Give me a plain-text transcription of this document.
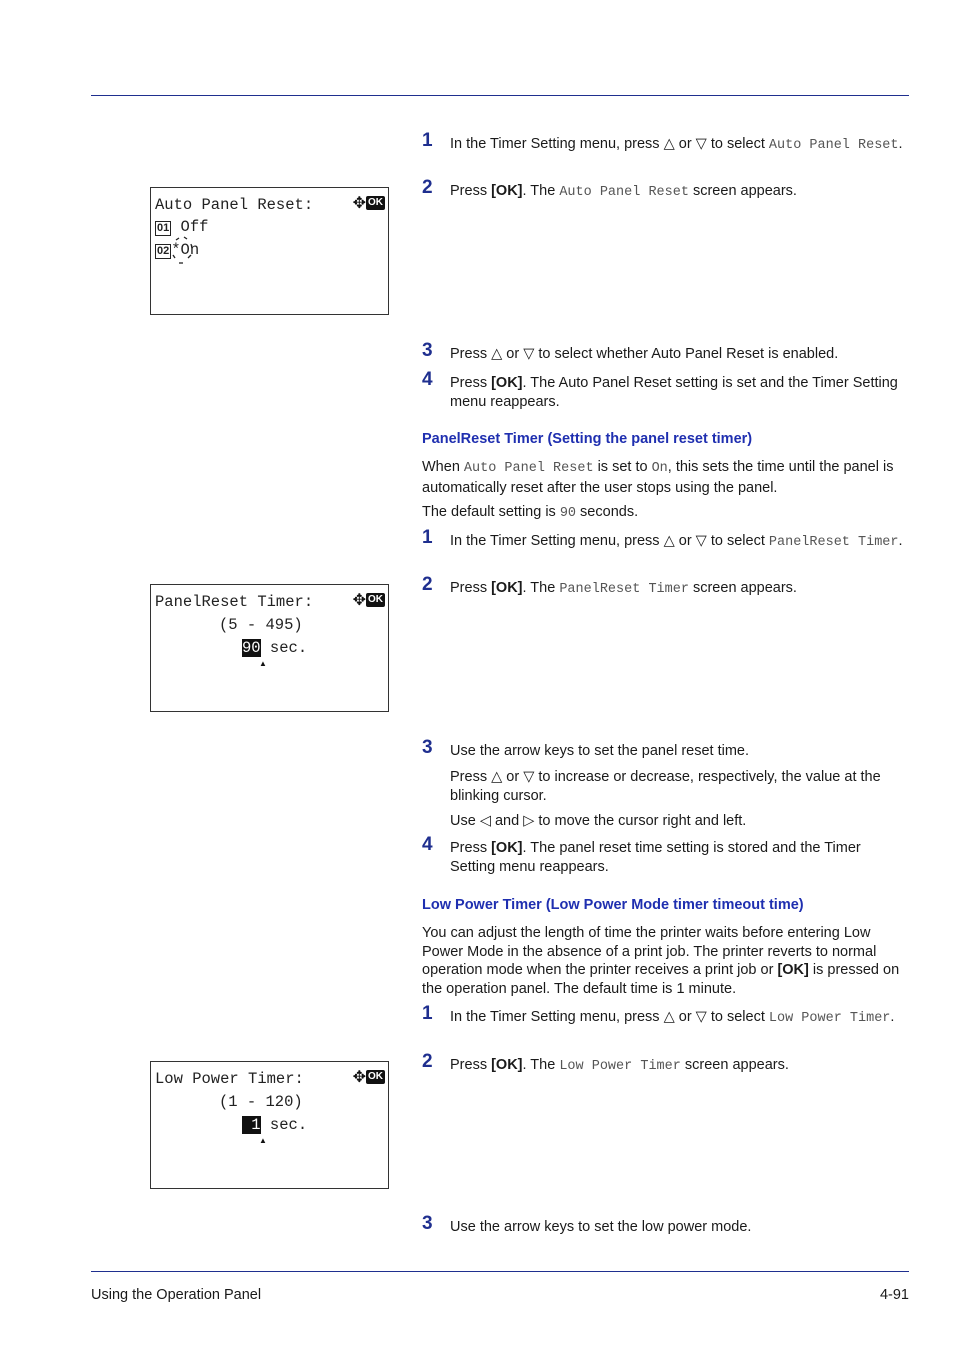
Auto Panel Reset: ✥ OK
01 Off
02 *On
PanelReset Timer: ✥ OK
(5 - 495)
90 sec.
▲
Low Power Timer:	✥ OK
(1 - 120)
1 sec.
▲
1 In the Timer Setting menu, press △ or ▽ to select Auto Panel Reset.
2 Press [OK]. The Auto Panel Reset screen appears.
3 Press △ or ▽ to select whether Auto Panel Reset is enabled.
4 Press [OK]. The Auto Panel Reset setting is set and the Timer Setting menu reappears.
PanelReset Timer (Setting the panel reset timer)
When Auto Panel Reset is set to On, this sets the time until the panel is automatically reset after the user stops using the panel.
The default setting is 90 seconds.
1 In the Timer Setting menu, press △ or ▽ to select PanelReset Timer.
2 Press [OK]. The PanelReset Timer screen appears.
3 Use the arrow keys to set the panel reset time.
Press △ or ▽ to increase or decrease, respectively, the value at the blinking cursor.
Use ◁ and ▷ to move the cursor right and left.
4 Press [OK]. The panel reset time setting is stored and the Timer Setting menu reappears.
Low Power Timer (Low Power Mode timer timeout time)
You can adjust the length of time the printer waits before entering Low Power Mode in the absence of a print job. The printer reverts to normal operation mode when the printer receives a print job or [OK] is pressed on the operation panel. The default time is 1 minute.
1 In the Timer Setting menu, press △ or ▽ to select Low Power Timer.
2 Press [OK]. The Low Power Timer screen appears.
3 Use the arrow keys to set the low power mode.
Using the Operation Panel	4-91
